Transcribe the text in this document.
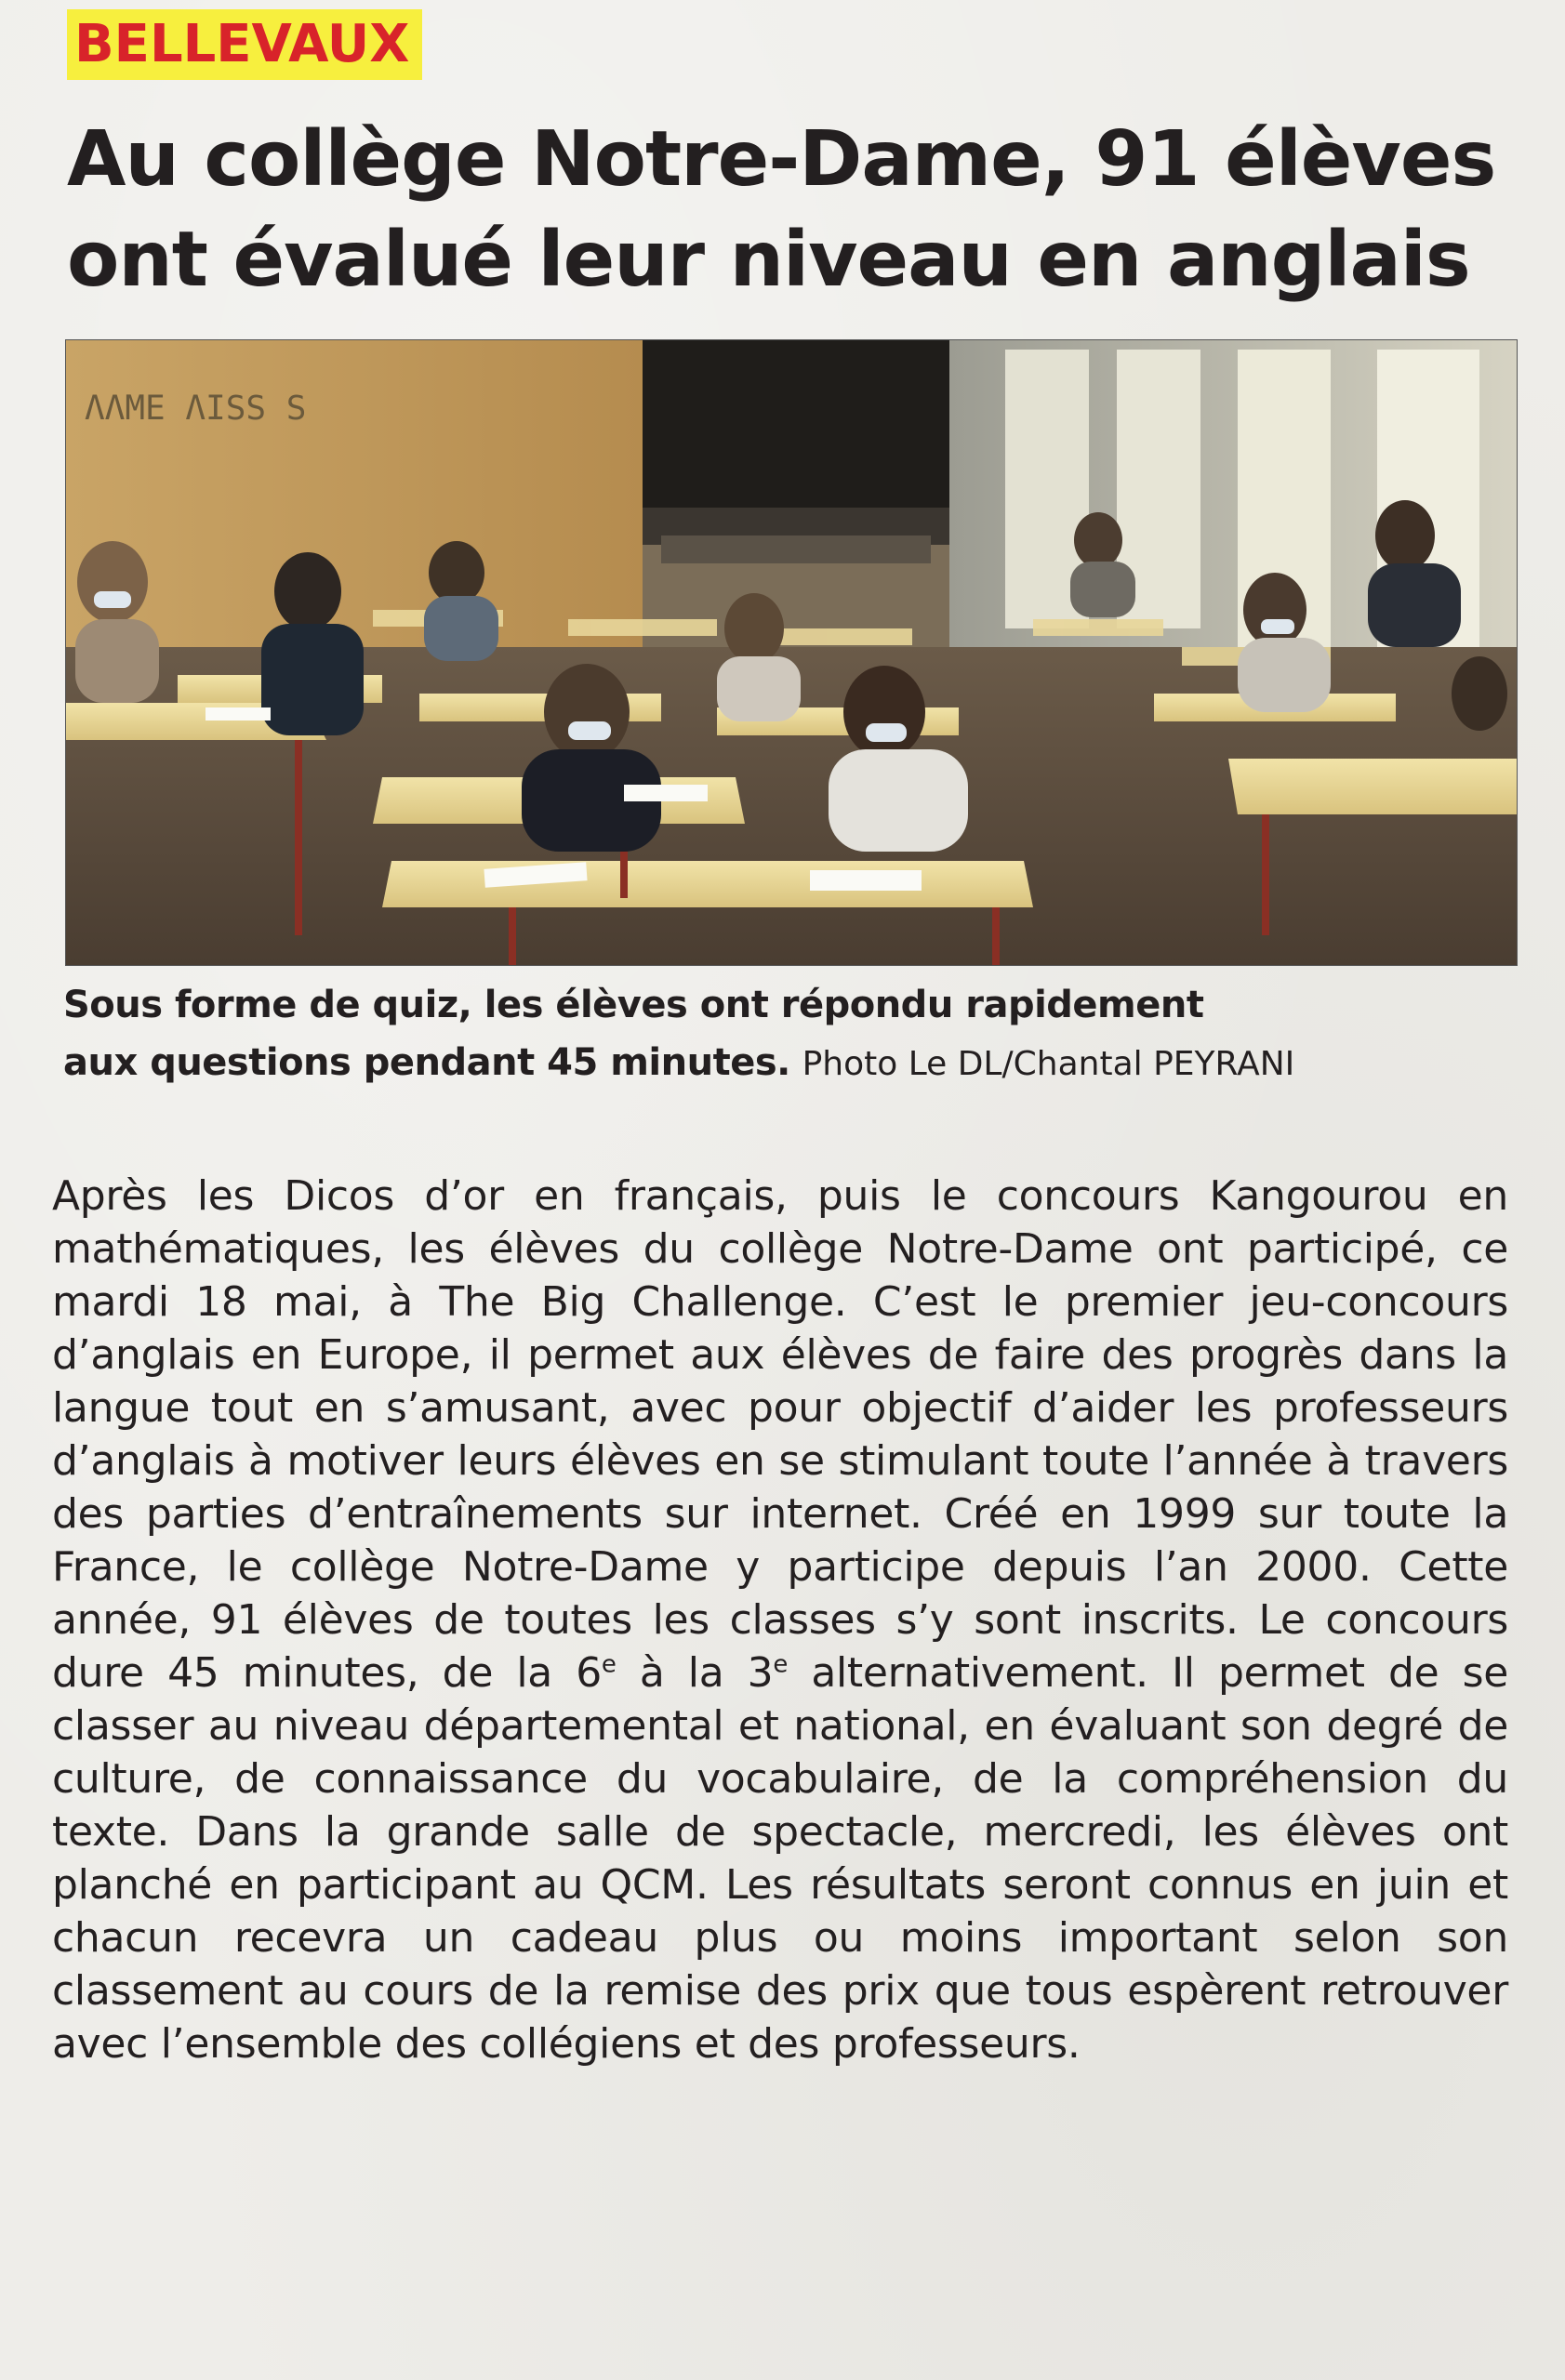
BELLEVAUX
Au collège Notre-Dame, 91 élèves
ont évalué leur niveau en anglais
ΛΛΜΕ ΛΙSS S

Sous forme de quiz, les élèves ont répondu rapidement
aux questions pendant 45 minutes. Photo Le DL/Chantal PEYRANI

Après les Dicos d’or en français, puis le concours Kangourou en mathématiques, les élèves du collège Notre-Dame ont participé, ce mardi 18 mai, à The Big Challenge. C’est le premier jeu-concours d’anglais en Europe, il permet aux élèves de faire des progrès dans la langue tout en s’amusant, avec pour objectif d’aider les professeurs d’anglais à motiver leurs élèves en se stimulant toute l’année à travers des parties d’entraînements sur internet. Créé en 1999 sur toute la France, le collège Notre-Dame y participe depuis l’an 2000. Cette année, 91 élèves de toutes les classes s’y sont inscrits. Le concours dure 45 minutes, de la 6e à la 3e alternativement. Il permet de se classer au niveau départemental et national, en évaluant son degré de culture, de connaissance du vocabulaire, de la compréhension du texte. Dans la grande salle de spectacle, mercredi, les élèves ont planché en participant au QCM. Les résultats seront connus en juin et chacun recevra un cadeau plus ou moins important selon son classement au cours de la remise des prix que tous espèrent retrouver avec l’ensemble des collégiens et des professeurs.
